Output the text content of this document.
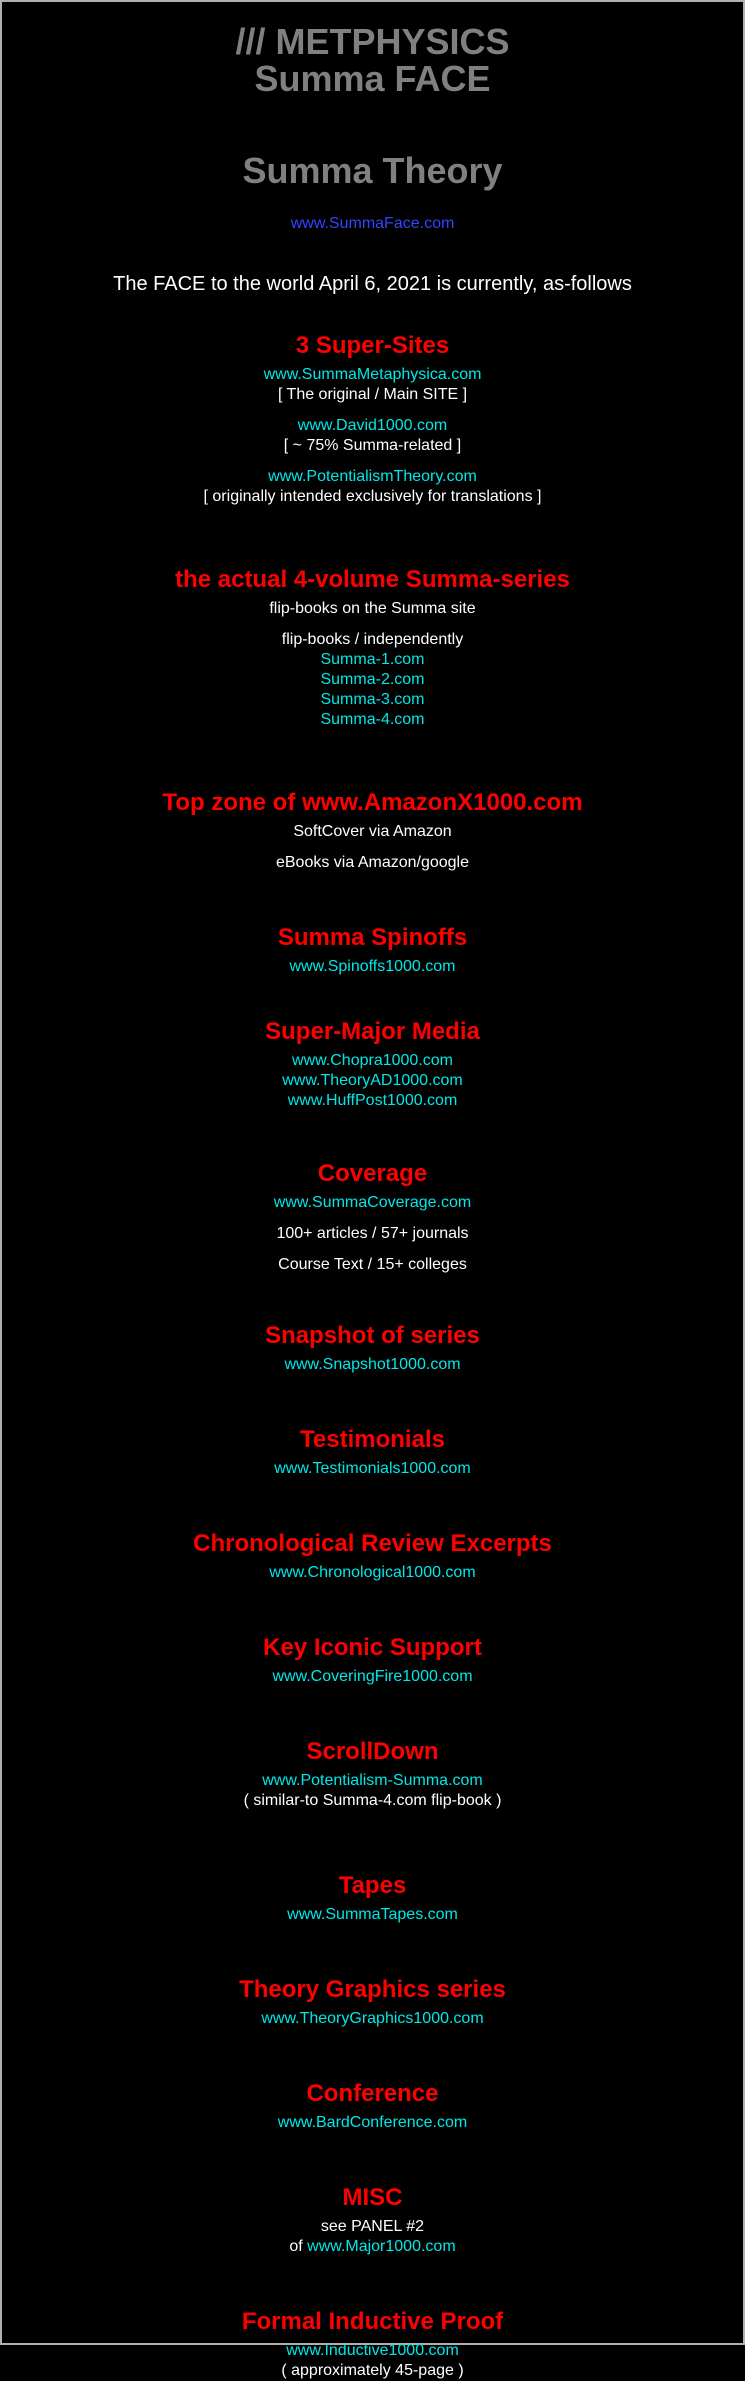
/// METPHYSICS
Summa FACE
Summa Theory
www.SummaFace.com

The FACE to the world April 6, 2021 is currently, as-follows

3 Super-Sites
www.SummaMetaphysica.com

[ The original / Main SITE ]

www.David1000.com

[ ~ 75% Summa-related ]

www.PotentialismTheory.com

[ originally intended exclusively for translations ]

the actual 4-volume Summa-series

flip-books on the Summa site

flip-books / independently

Summa-1.com
Summa-2.com
Summa-3.com
Summa-4.com
Top zone of www.AmazonX1000.com

SoftCover via Amazon

eBooks via Amazon/google

Summa Spinoffs
www.Spinoffs1000.com
Super-Major Media
www.Chopra1000.com
www.TheoryAD1000.com
www.HuffPost1000.com
Coverage
www.SummaCoverage.com

100+ articles / 57+ journals

Course Text / 15+ colleges

Snapshot of series
www.Snapshot1000.com
Testimonials
www.Testimonials1000.com
Chronological Review Excerpts
www.Chronological1000.com
Key Iconic Support
www.CoveringFire1000.com
ScrollDown
www.Potentialism-Summa.com

( similar-to Summa-4.com flip-book )

Tapes
www.SummaTapes.com
Theory Graphics series
www.TheoryGraphics1000.com
Conference
www.BardConference.com
MISC

see PANEL #2

of www.Major1000.com

Formal Inductive Proof
www.Inductive1000.com

( approximately 45-page )
